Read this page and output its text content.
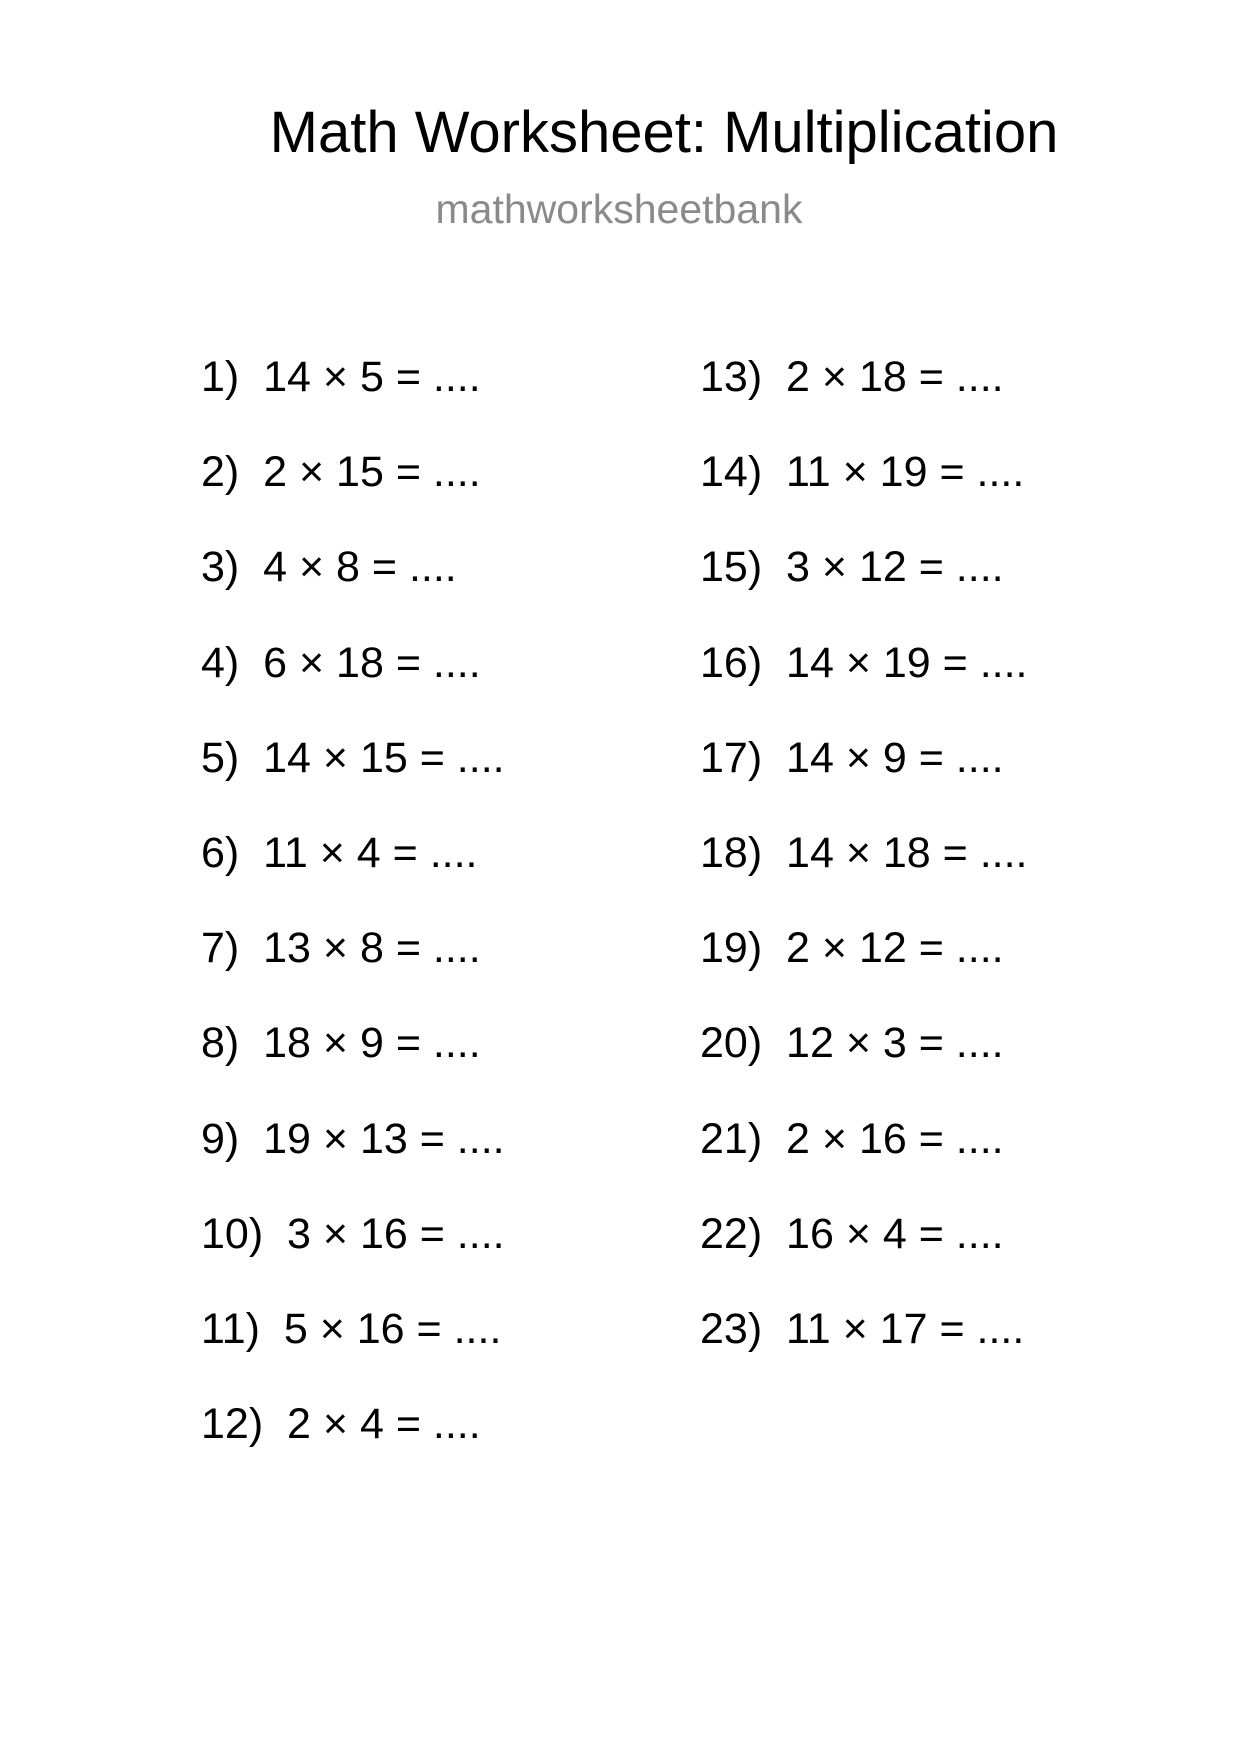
Math Worksheet: Multiplication
mathworksheetbank
1)  14 × 5 = ....
2)  2 × 15 = ....
3)  4 × 8 = ....
4)  6 × 18 = ....
5)  14 × 15 = ....
6)  11 × 4 = ....
7)  13 × 8 = ....
8)  18 × 9 = ....
9)  19 × 13 = ....
10)  3 × 16 = ....
11)  5 × 16 = ....
12)  2 × 4 = ....
13)  2 × 18 = ....
14)  11 × 19 = ....
15)  3 × 12 = ....
16)  14 × 19 = ....
17)  14 × 9 = ....
18)  14 × 18 = ....
19)  2 × 12 = ....
20)  12 × 3 = ....
21)  2 × 16 = ....
22)  16 × 4 = ....
23)  11 × 17 = ....
